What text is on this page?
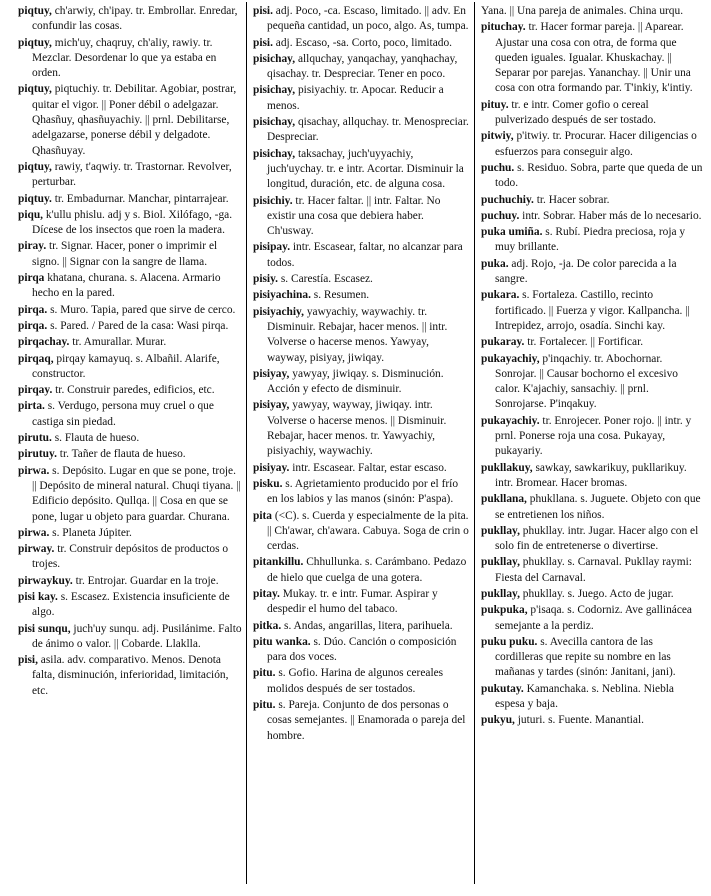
piqtuy, ch'arwiy, ch'ipay. tr. Embrollar. Enredar, confundir las cosas.

piqtuy, mich'uy, chaqruy, ch'aliy, rawiy. tr. Mezclar. Desordenar lo que ya estaba en orden.

piqtuy, piqtuchiy. tr. Debilitar. Agobiar, postrar, quitar el vigor. || Poner débil o adelgazar. Qhasñuy, qhasñuyachiy. || prnl. Debilitarse, adelgazarse, ponerse débil y delgadote. Qhasñuyay.

piqtuy, rawiy, t'aqwiy. tr. Trastornar. Revolver, perturbar.

piqtuy. tr. Embadurnar. Manchar, pintarrajear.

piqu, k'ullu phislu. adj y s. Biol. Xilófago, -ga. Dícese de los insectos que roen la madera.

piray. tr. Signar. Hacer, poner o imprimir el signo. || Signar con la sangre de llama.

pirqa khatana, churana. s. Alacena. Armario hecho en la pared.

pirqa. s. Muro. Tapia, pared que sirve de cerco.

pirqa. s. Pared. / Pared de la casa: Wasi pirqa.

pirqachay. tr. Amurallar. Murar.

pirqaq, pirqay kamayuq. s. Albañil. Alarife, constructor.

pirqay. tr. Construir paredes, edificios, etc.

pirta. s. Verdugo, persona muy cruel o que castiga sin piedad.

pirutu. s. Flauta de hueso.

pirutuy. tr. Tañer de flauta de hueso.

pirwa. s. Depósito. Lugar en que se pone, troje. || Depósito de mineral natural. Chuqi tiyana. || Edificio depósito. Qullqa. || Cosa en que se pone, lugar u objeto para guardar. Churana.

pirwa. s. Planeta Júpiter.

pirway. tr. Construir depósitos de productos o trojes.

pirwaykuy. tr. Entrojar. Guardar en la troje.

pisi kay. s. Escasez. Existencia insuficiente de algo.

pisi sunqu, juch'uy sunqu. adj. Pusilánime. Falto de ánimo o valor. || Cobarde. Llaklla.

pisi, asila. adv. comparativo. Menos. Denota falta, disminución, inferioridad, limitación, etc.

pisi. adj. Poco, -ca. Escaso, limitado. || adv. En pequeña cantidad, un poco, algo. As, tumpa.

pisi. adj. Escaso, -sa. Corto, poco, limitado.

pisichay, allquchay, yanqachay, yanqhachay, qisachay. tr. Despreciar. Tener en poco.

pisichay, pisiyachiy. tr. Apocar. Reducir a menos.

pisichay, qisachay, allquchay. tr. Menospreciar. Despreciar.

pisichay, taksachay, juch'uyyachiy, juch'uychay. tr. e intr. Acortar. Disminuir la longitud, duración, etc. de alguna cosa.

pisichiy. tr. Hacer faltar. || intr. Faltar. No existir una cosa que debiera haber. Ch'usway.

pisipay. intr. Escasear, faltar, no alcanzar para todos.

pisiy. s. Carestía. Escasez.

pisiyachina. s. Resumen.

pisiyachiy, yawyachiy, waywachiy. tr. Disminuir. Rebajar, hacer menos. || intr. Volverse o hacerse menos. Yawyay, wayway, pisiyay, jiwiqay.

pisiyay, yawyay, jiwiqay. s. Disminución. Acción y efecto de disminuir.

pisiyay, yawyay, wayway, jiwiqay. intr. Volverse o hacerse menos. || Disminuir. Rebajar, hacer menos. tr. Yawyachiy, pisiyachiy, waywachiy.

pisiyay. intr. Escasear. Faltar, estar escaso.

pisku. s. Agrietamiento producido por el frío en los labios y las manos (sinón: P'aspa).

pita (<C). s. Cuerda y especialmente de la pita. || Ch'awar, ch'awara. Cabuya. Soga de crin o cerdas.

pitankillu. Chhullunka. s. Carámbano. Pedazo de hielo que cuelga de una gotera.

pitay. Mukay. tr. e intr. Fumar. Aspirar y despedir el humo del tabaco.

pitka. s. Andas, angarillas, litera, parihuela.

pitu wanka. s. Dúo. Canción o composición para dos voces.

pitu. s. Gofio. Harina de algunos cereales molidos después de ser tostados.

pitu. s. Pareja. Conjunto de dos personas o cosas semejantes. || Enamorada o pareja del hombre.

Yana. || Una pareja de animales. China urqu.

pituchay. tr. Hacer formar pareja. || Aparear. Ajustar una cosa con otra, de forma que queden iguales. Igualar. Khuskachay. || Separar por parejas. Yananchay. || Unir una cosa con otra formando par. T'inkiy, k'intiy.

pituy. tr. e intr. Comer gofio o cereal pulverizado después de ser tostado.

pitwiy, p'itwiy. tr. Procurar. Hacer diligencias o esfuerzos para conseguir algo.

puchu. s. Residuo. Sobra, parte que queda de un todo.

puchuchiy. tr. Hacer sobrar.

puchuy. intr. Sobrar. Haber más de lo necesario.

puka umiña. s. Rubí. Piedra preciosa, roja y muy brillante.

puka. adj. Rojo, -ja. De color parecida a la sangre.

pukara. s. Fortaleza. Castillo, recinto fortificado. || Fuerza y vigor. Kallpancha. || Intrepidez, arrojo, osadía. Sinchi kay.

pukaray. tr. Fortalecer. || Fortificar.

pukayachiy, p'inqachiy. tr. Abochornar. Sonrojar. || Causar bochorno el excesivo calor. K'ajachiy, sansachiy. || prnl. Sonrojarse. P'inqakuy.

pukayachiy. tr. Enrojecer. Poner rojo. || intr. y prnl. Ponerse roja una cosa. Pukayay, pukayariy.

pukllakuy, sawkay, sawkarikuy, pukllarikuy. intr. Bromear. Hacer bromas.

pukllana, phukllana. s. Juguete. Objeto con que se entretienen los niños.

pukllay, phukllay. intr. Jugar. Hacer algo con el solo fin de entretenerse o divertirse.

pukllay, phukllay. s. Carnaval. Pukllay raymi: Fiesta del Carnaval.

pukllay, phukllay. s. Juego. Acto de jugar.

pukpuka, p'isaqa. s. Codorniz. Ave gallinácea semejante a la perdiz.

puku puku. s. Avecilla cantora de las cordilleras que repite su nombre en las mañanas y tardes (sinón: Janitani, jani).

pukutay. Kamanchaka. s. Neblina. Niebla espesa y baja.

pukyu, juturi. s. Fuente. Manantial.
